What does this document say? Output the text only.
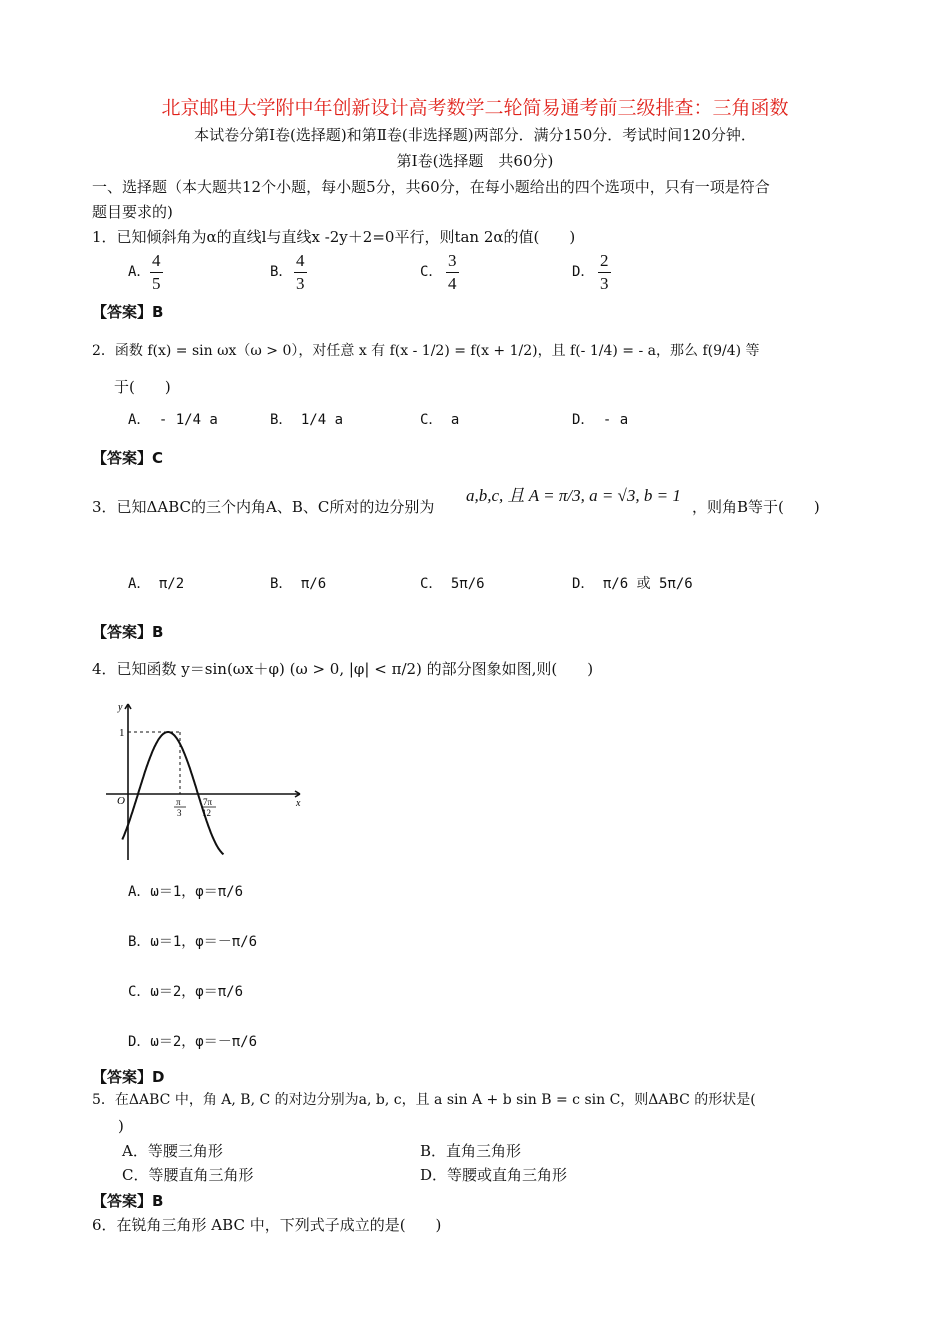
北京邮电大学附中年创新设计高考数学二轮简易通考前三级排查：三角函数
本试卷分第Ⅰ卷(选择题)和第Ⅱ卷(非选择题)两部分．满分150分．考试时间120分钟．
第Ⅰ卷(选择题　共60分)
一、选择题（本大题共12个小题，每小题5分，共60分，在每小题给出的四个选项中，只有一项是符合
题目要求的)
1．已知倾斜角为α的直线l与直线x -2y＋2=0平行，则tan 2α的值(　　)
A． $\frac{4}{5}$	B． $\frac{4}{3}$	C． $\frac{3}{4}$	D． $\frac{2}{3}$
【答案】B
2．函数 f(x) = sin ωx（ω > 0），对任意 x 有 f(x - 1/2) = f(x + 1/2)，且 f(- 1/4) = - a，那么 f(9/4) 等
于(　　)
A． - 1/4 a	B． 1/4 a	C． a	D． - a
【答案】C
3．已知ΔABC的三个内角A、B、C所对的边分别为
a,b,c, 且 A = π/3, a = √3, b = 1
，则角B等于(　　)
A． π/2	B． π/6	C． 5π/6	D． π/6 或 5π/6
【答案】B
4．已知函数 y＝sin(ωx＋φ) (ω > 0, |φ| < π/2) 的部分图象如图,则(　　)
y
x
O
1
π
3
7π
12
A．ω＝1，φ＝π/6
B．ω＝1，φ＝－π/6
C．ω＝2，φ＝π/6
D．ω＝2，φ＝－π/6
【答案】D
5．在ΔABC 中，角 A, B, C 的对边分别为a, b, c，且 a sin A + b sin B = c sin C，则ΔABC 的形状是(
)
A．等腰三角形	B．直角三角形
C．等腰直角三角形	D．等腰或直角三角形
【答案】B
6．在锐角三角形 ABC 中，下列式子成立的是(　　)
